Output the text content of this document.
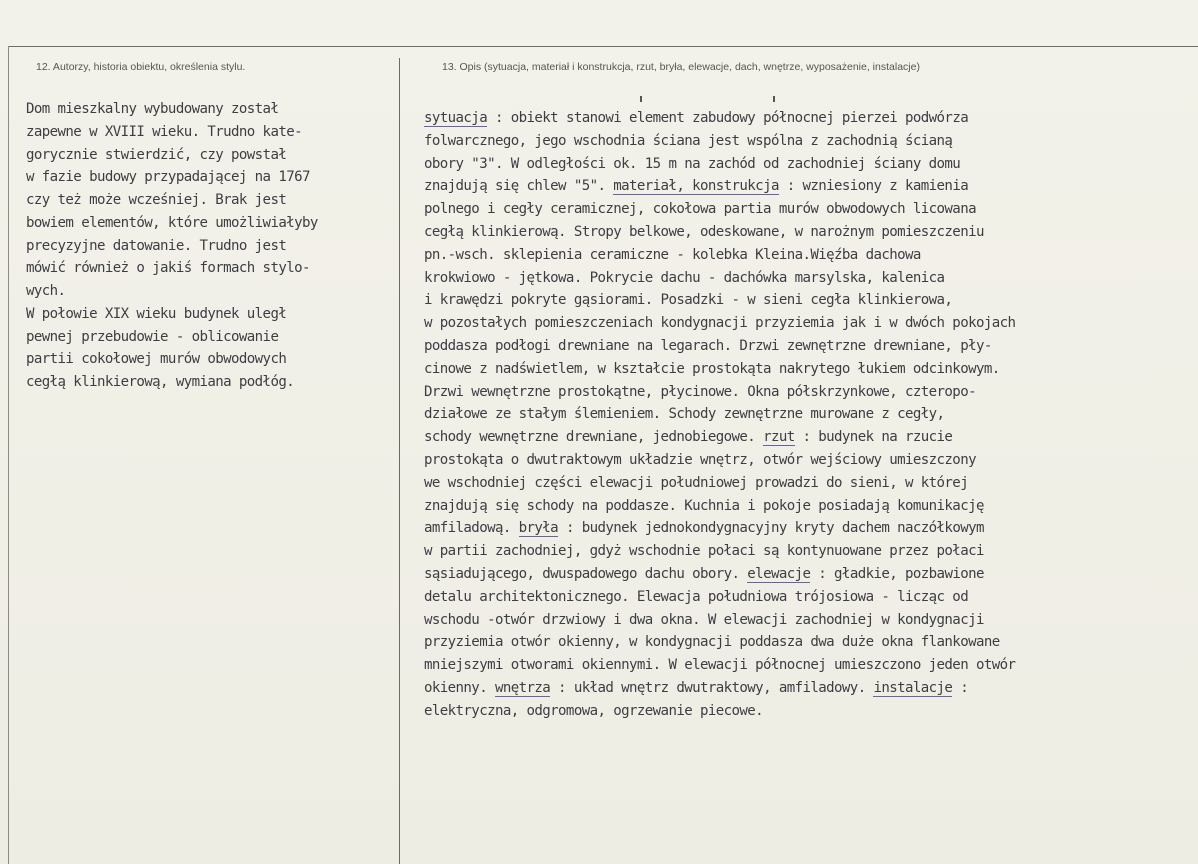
12. Autorzy, historia obiektu, określenia stylu.	13. Opis (sytuacja, materiał i konstrukcja, rzut, bryła, elewacje, dach, wnętrze, wyposażenie, instalacje)
Dom mieszkalny wybudowany został
zapewne w XVIII wieku. Trudno kate-
gorycznie stwierdzić, czy powstał
w fazie budowy przypadającej na 1767
czy też może wcześniej. Brak jest
bowiem elementów, które umożliwiałyby
precyzyjne datowanie. Trudno jest
mówić również o jakiś formach stylo-
wych.
W połowie XIX wieku budynek uległ
pewnej przebudowie - oblicowanie
partii cokołowej murów obwodowych
cegłą klinkierową, wymiana podłóg.
sytuacja : obiekt stanowi element zabudowy północnej pierzei podwórza
folwarcznego, jego wschodnia ściana jest wspólna z zachodnią ścianą
obory "3". W odległości ok. 15 m na zachód od zachodniej ściany domu
znajdują się chlew "5". materiał, konstrukcja : wzniesiony z kamienia
polnego i cegły ceramicznej, cokołowa partia murów obwodowych licowana
cegłą klinkierową. Stropy belkowe, odeskowane, w narożnym pomieszczeniu
pn.-wsch. sklepienia ceramiczne - kolebka Kleina.Więźba dachowa
krokwiowo - jętkowa. Pokrycie dachu - dachówka marsylska, kalenica
i krawędzi pokryte gąsiorami. Posadzki - w sieni cegła klinkierowa,
w pozostałych pomieszczeniach kondygnacji przyziemia jak i w dwóch pokojach
poddasza podłogi drewniane na legarach. Drzwi zewnętrzne drewniane, pły-
cinowe z nadświetlem, w kształcie prostokąta nakrytego łukiem odcinkowym.
Drzwi wewnętrzne prostokątne, płycinowe. Okna półskrzynkowe, czteropo-
działowe ze stałym ślemieniem. Schody zewnętrzne murowane z cegły,
schody wewnętrzne drewniane, jednobiegowe. rzut : budynek na rzucie
prostokąta o dwutraktowym układzie wnętrz, otwór wejściowy umieszczony
we wschodniej części elewacji południowej prowadzi do sieni, w której
znajdują się schody na poddasze. Kuchnia i pokoje posiadają komunikację
amfiladową. bryła : budynek jednokondygnacyjny kryty dachem naczółkowym
w partii zachodniej, gdyż wschodnie połaci są kontynuowane przez połaci
sąsiadującego, dwuspadowego dachu obory. elewacje : gładkie, pozbawione
detalu architektonicznego. Elewacja południowa trójosiowa - licząc od
wschodu -otwór drzwiowy i dwa okna. W elewacji zachodniej w kondygnacji
przyziemia otwór okienny, w kondygnacji poddasza dwa duże okna flankowane
mniejszymi otworami okiennymi. W elewacji północnej umieszczono jeden otwór
okienny. wnętrza : układ wnętrz dwutraktowy, amfiladowy. instalacje :
elektryczna, odgromowa, ogrzewanie piecowe.
